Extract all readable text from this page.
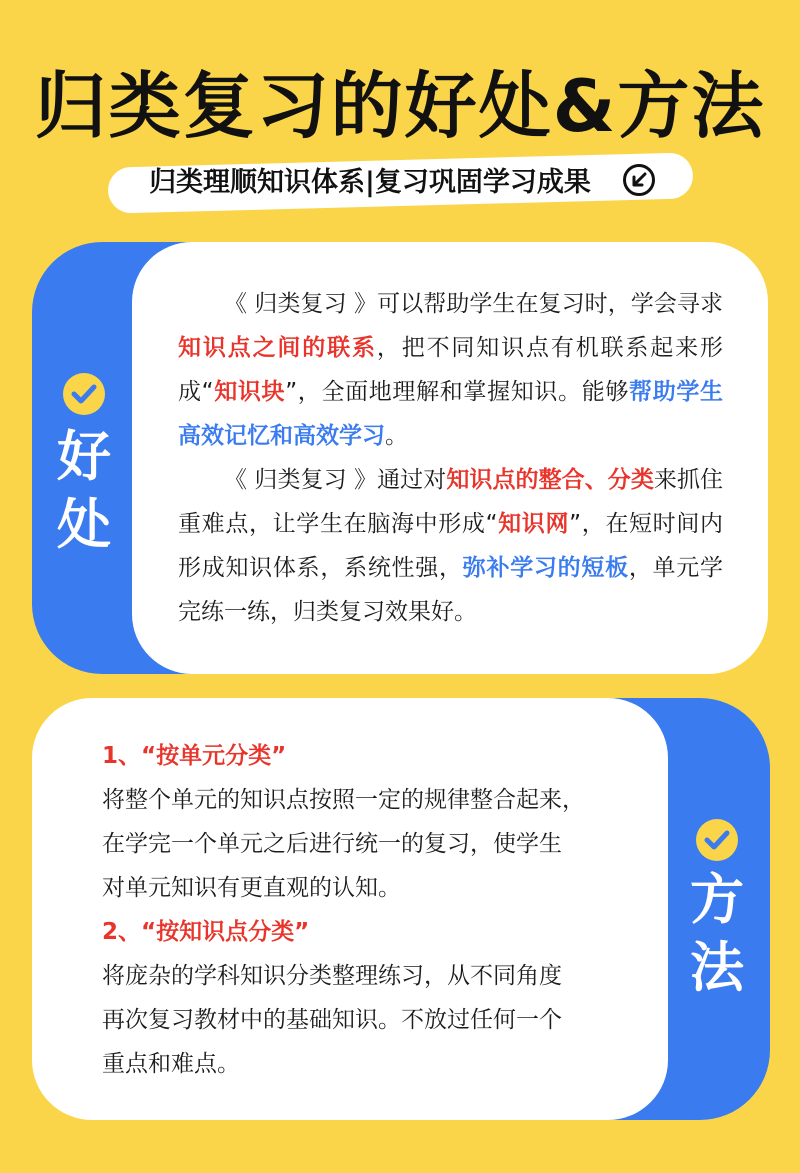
归类复习的好处&方法
归类理顺知识体系|复习巩固学习成果
好
处

《 归类复习 》可以帮助学生在复习时，学会寻求知识点之间的联系，把不同知识点有机联系起来形成“知识块”，全面地理解和掌握知识。能够帮助学生高效记忆和高效学习。

《 归类复习 》通过对知识点的整合、分类来抓住重难点，让学生在脑海中形成“知识网”，在短时间内形成知识体系，系统性强，弥补学习的短板，单元学完练一练，归类复习效果好。

方
法
1、“按单元分类”
将整个单元的知识点按照一定的规律整合起来，
在学完一个单元之后进行统一的复习，使学生
对单元知识有更直观的认知。
2、“按知识点分类”
将庞杂的学科知识分类整理练习，从不同角度
再次复习教材中的基础知识。不放过任何一个
重点和难点。
